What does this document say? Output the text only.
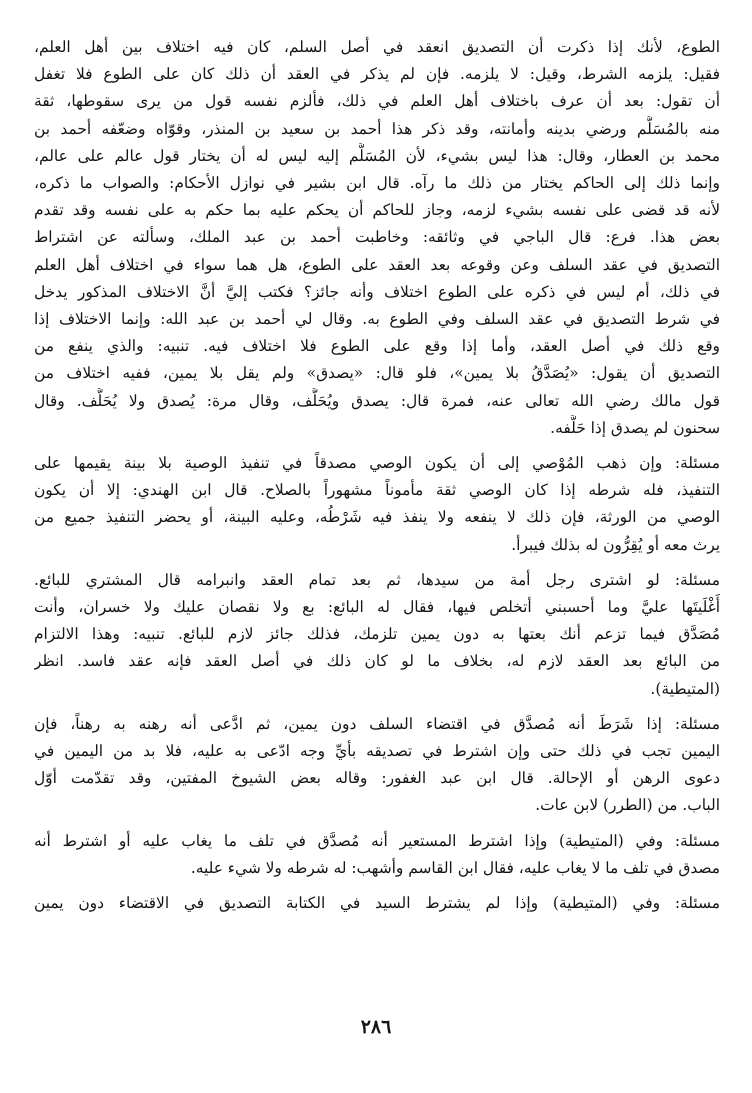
الطوع، لأنك إذا ذكرت أن التصديق انعقد في أصل السلم، كان فيه اختلاف بين أهل العلم،
فقيل: يلزمه الشرط، وقيل: لا يلزمه. فإن لم يذكر في العقد أن ذلك كان على الطوع فلا تغفل
أن تقول: بعد أن عرف باختلاف أهل العلم في ذلك، فألزم نفسه قول من يرى سقوطها، ثقة
منه بالمُسَلَّم ورضي بدينه وأمانته، وقد ذكر هذا أحمد بن سعيد بن المنذر، وقوّاه وضعّفه أحمد بن
محمد بن العطار، وقال: هذا ليس بشيء، لأن المُسَلَّم إليه ليس له أن يختار قول عالم على عالم،
وإنما ذلك إلى الحاكم يختار من ذلك ما رآه. قال ابن بشير في نوازل الأحكام: والصواب ما ذكره،
لأنه قد قضى على نفسه بشيء لزمه، وجاز للحاكم أن يحكم عليه بما حكم به على نفسه وقد تقدم
بعض هذا. فرع: قال الباجي في وثائقه: وخاطبت أحمد بن عبد الملك، وسألته عن اشتراط
التصديق في عقد السلف وعن وقوعه بعد العقد على الطوع، هل هما سواء في اختلاف أهل العلم
في ذلك، أم ليس في ذكره على الطوع اختلاف وأنه جائز؟ فكتب إليَّ أنَّ الاختلاف المذكور يدخل
في شرط التصديق في عقد السلف وفي الطوع به. وقال لي أحمد بن عبد الله: وإنما الاختلاف إذا
وقع ذلك في أصل العقد، وأما إذا وقع على الطوع فلا اختلاف فيه. تنبيه: والذي ينفع من
التصديق أن يقول: «يُصَدَّقُ بلا يمين»، فلو قال: «يصدق» ولم يقل بلا يمين، ففيه اختلاف من
قول مالك رضي الله تعالى عنه، فمرة قال: يصدق ويُحَلَّف، وقال مرة: يُصدق ولا يُحَلَّف. وقال
سحنون لم يصدق إذا حَلَّفه.
مسئلة: وإن ذهب المُوْصي إلى أن يكون الوصي مصدقاً في تنفيذ الوصية بلا بينة يقيمها على
التنفيذ، فله شرطه إذا كان الوصي ثقة مأموناً مشهوراً بالصلاح. قال ابن الهندي: إلا أن يكون
الوصي من الورثة، فإن ذلك لا ينفعه ولا ينفذ فيه شَرْطُه، وعليه البينة، أو يحضر التنفيذ جميع من
يرث معه أو يُقِرُّون له بذلك فيبرأ.
مسئلة: لو اشترى رجل أمة من سيدها، ثم بعد تمام العقد وانبرامه قال المشتري للبائع.
أَغْلَيتَها عليَّ وما أحسبني أتخلص فيها، فقال له البائع: بع ولا نقصان عليك ولا خسران، وأنت
مُصَدَّق فيما تزعم أنك بعتها به دون يمين تلزمك، فذلك جائز لازم للبائع. تنبيه: وهذا الالتزام
من البائع بعد العقد لازم له، بخلاف ما لو كان ذلك في أصل العقد فإنه عقد فاسد. انظر
(المتيطية).
مسئلة: إذا شَرَطَ أنه مُصدَّق في اقتضاء السلف دون يمين، ثم ادَّعى أنه رهنه به رهناً، فإن
اليمين تجب في ذلك حتى وإن اشترط في تصديقه بأيِّ وجه ادّعى به عليه، فلا بد من اليمين في
دعوى الرهن أو الإحالة. قال ابن عبد الغفور: وقاله بعض الشيوخ المفتين، وقد تقدّمت أوّل
الباب. من (الطرر) لابن عات.
مسئلة: وفي (المتيطية) وإذا اشترط المستعير أنه مُصدَّق في تلف ما يغاب عليه أو اشترط أنه
مصدق في تلف ما لا يغاب عليه، فقال ابن القاسم وأشهب: له شرطه ولا شيء عليه.
مسئلة: وفي (المتيطية) وإذا لم يشترط السيد في الكتابة التصديق في الاقتضاء دون يمين
٢٨٦
